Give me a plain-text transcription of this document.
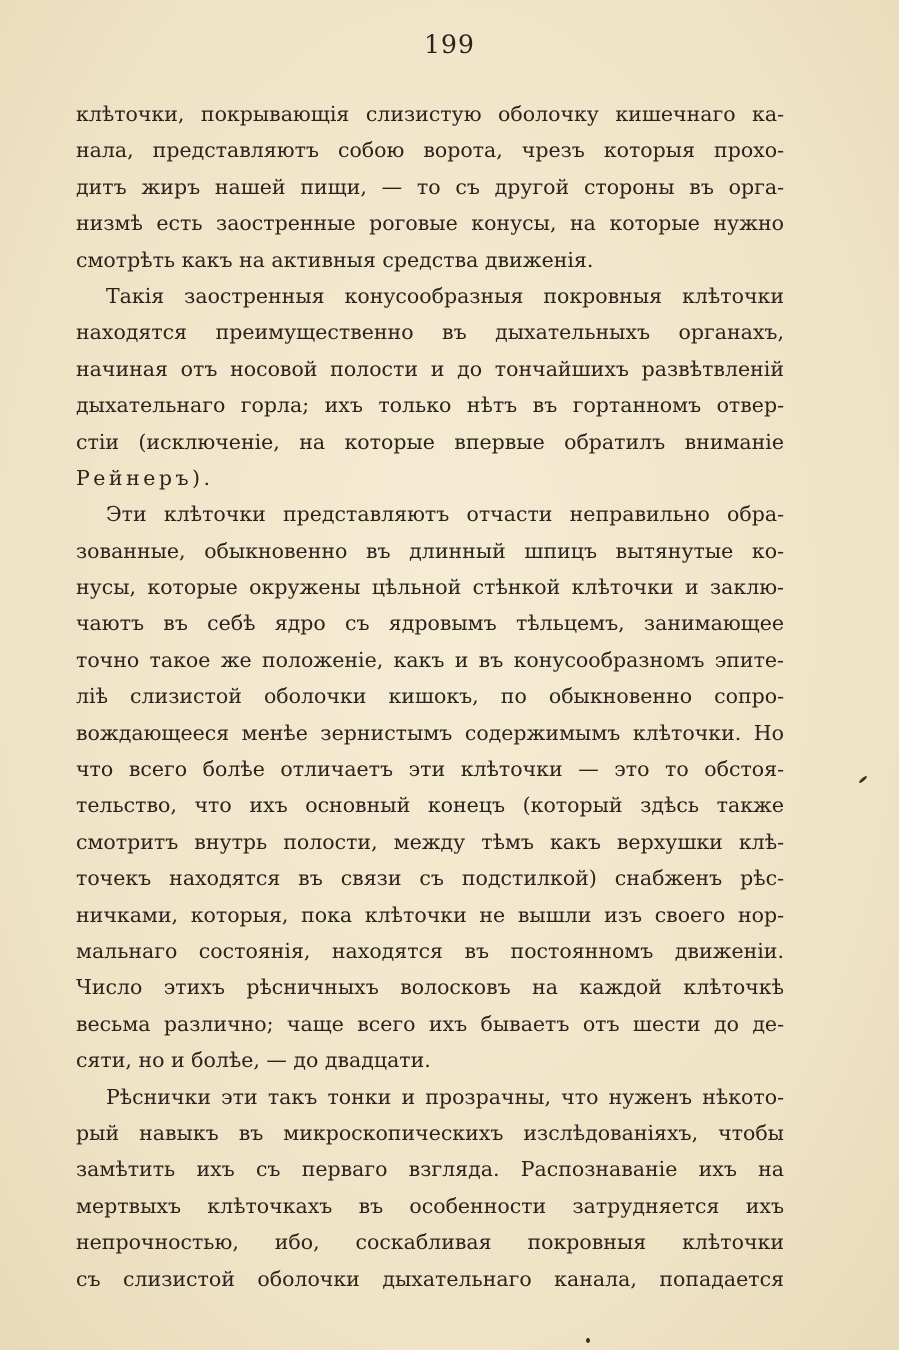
199
клѣточки, покрывающія слизистую оболочку кишечнаго ка-
нала, представляютъ собою ворота, чрезъ которыя прохо-
дитъ жиръ нашей пищи, — то съ другой стороны въ орга-
низмѣ есть заостренные роговые конусы, на которые нужно
смотрѣть какъ на активныя средства движенія.
Такія заостренныя конусообразныя покровныя клѣточки
находятся преимущественно въ дыхательныхъ органахъ,
начиная отъ носовой полости и до тончайшихъ развѣтвленій
дыхательнаго горла; ихъ только нѣтъ въ гортанномъ отвер-
стіи (исключеніе, на которые впервые обратилъ вниманіе
Рейнеръ).
Эти клѣточки представляютъ отчасти неправильно обра-
зованные, обыкновенно въ длинный шпицъ вытянутые ко-
нусы, которые окружены цѣльной стѣнкой клѣточки и заклю-
чаютъ въ себѣ ядро съ ядровымъ тѣльцемъ, занимающее
точно такое же положеніе, какъ и въ конусообразномъ эпите-
ліѣ слизистой оболочки кишокъ, по обыкновенно сопро-
вождающееся менѣе зернистымъ содержимымъ клѣточки. Но
что всего болѣе отличаетъ эти клѣточки — это то обстоя-
тельство, что ихъ основный конецъ (который здѣсь также
смотритъ внутрь полости, между тѣмъ какъ верхушки клѣ-
точекъ находятся въ связи съ подстилкой) снабженъ рѣс-
ничками, которыя, пока клѣточки не вышли изъ своего нор-
мальнаго состоянія, находятся въ постоянномъ движеніи.
Число этихъ рѣсничныхъ волосковъ на каждой клѣточкѣ
весьма различно; чаще всего ихъ бываетъ отъ шести до де-
сяти, но и болѣе, — до двадцати.
Рѣснички эти такъ тонки и прозрачны, что нуженъ нѣкото-
рый навыкъ въ микроскопическихъ изслѣдованіяхъ, чтобы
замѣтить ихъ съ перваго взгляда. Распознаваніе ихъ на
мертвыхъ клѣточкахъ въ особенности затрудняется ихъ
непрочностью, ибо, соскабливая покровныя клѣточки
съ слизистой оболочки дыхательнаго канала, попадается
